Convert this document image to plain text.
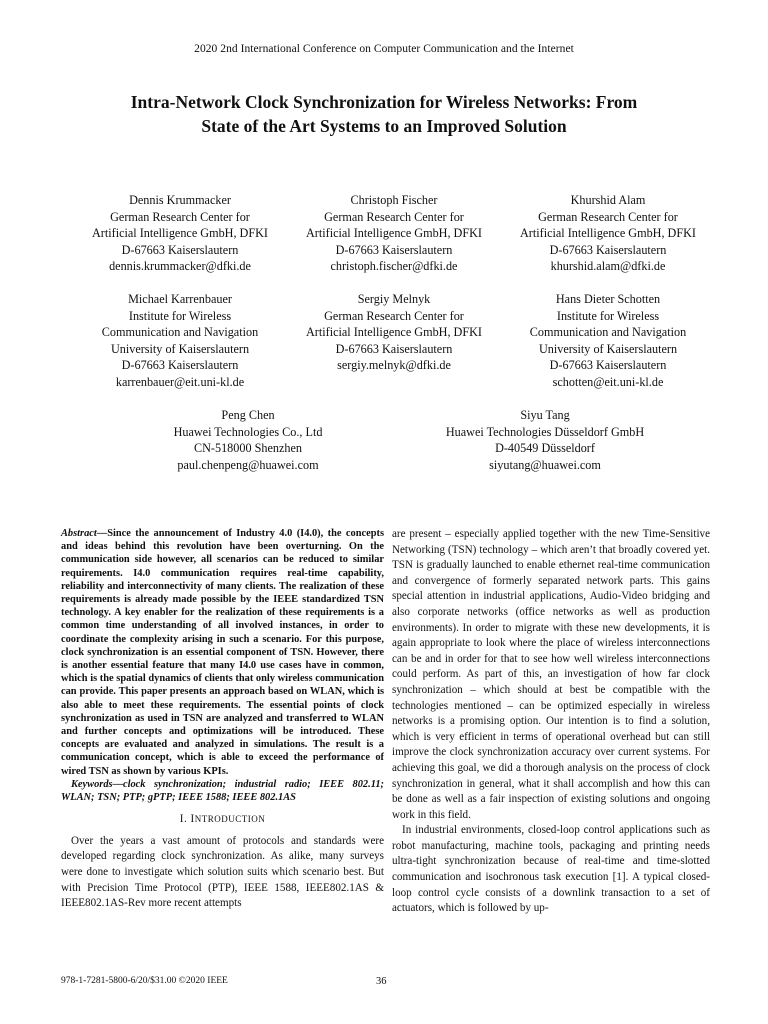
2020 2nd International Conference on Computer Communication and the Internet
Intra-Network Clock Synchronization for Wireless Networks: From
State of the Art Systems to an Improved Solution
Dennis Krummacker
German Research Center for
Artificial Intelligence GmbH, DFKI
D-67663 Kaiserslautern
dennis.krummacker@dfki.de
Christoph Fischer
German Research Center for
Artificial Intelligence GmbH, DFKI
D-67663 Kaiserslautern
christoph.fischer@dfki.de
Khurshid Alam
German Research Center for
Artificial Intelligence GmbH, DFKI
D-67663 Kaiserslautern
khurshid.alam@dfki.de
Michael Karrenbauer
Institute for Wireless
Communication and Navigation
University of Kaiserslautern
D-67663 Kaiserslautern
karrenbauer@eit.uni-kl.de
Sergiy Melnyk
German Research Center for
Artificial Intelligence GmbH, DFKI
D-67663 Kaiserslautern
sergiy.melnyk@dfki.de
Hans Dieter Schotten
Institute for Wireless
Communication and Navigation
University of Kaiserslautern
D-67663 Kaiserslautern
schotten@eit.uni-kl.de
Peng Chen
Huawei Technologies Co., Ltd
CN-518000 Shenzhen
paul.chenpeng@huawei.com
Siyu Tang
Huawei Technologies Düsseldorf GmbH
D-40549 Düsseldorf
siyutang@huawei.com

Abstract—Since the announcement of Industry 4.0 (I4.0), the concepts and ideas behind this revolution have been overturning. On the communication side however, all scenarios can be reduced to similar requirements. I4.0 communication requires real-time capability, reliability and interconnectivity of many clients. The realization of these requirements is already made possible by the IEEE standardized TSN technology. A key enabler for the realization of these requirements is a common time understanding of all involved instances, in order to coordinate the complexity arising in such a scenario. For this purpose, clock synchronization is an essential component of TSN. However, there is another essential feature that many I4.0 use cases have in common, which is the spatial dynamics of clients that only wireless communication can provide. This paper presents an approach based on WLAN, which is also able to meet these requirements. The essential points of clock synchronization as used in TSN are analyzed and transferred to WLAN and further concepts and optimizations will be introduced. These concepts are evaluated and analyzed in simulations. The result is a communication concept, which is able to exceed the performance of wired TSN as shown by various KPIs.

Keywords—clock synchronization; industrial radio; IEEE 802.11; WLAN; TSN; PTP; gPTP; IEEE 1588; IEEE 802.1AS

I. INTRODUCTION

Over the years a vast amount of protocols and standards were developed regarding clock synchronization. As alike, many surveys were done to investigate which solution suits which scenario best. But with Precision Time Protocol (PTP), IEEE 1588, IEEE802.1AS & IEEE802.1AS-Rev more recent attempts

are present – especially applied together with the new Time-Sensitive Networking (TSN) technology – which aren’t that broadly covered yet. TSN is gradually launched to enable ethernet real-time communication and convergence of formerly separated network parts. This gains special attention in industrial applications, Audio-Video bridging and also corporate networks (office networks as well as production environments). In order to migrate with these new developments, it is again appropriate to look where the place of wireless interconnections can be and in order for that to see how well wireless interconnections could perform. As part of this, an investigation of how far clock synchronization – which should at best be compatible with the technologies mentioned – can be optimized especially in wireless networks is a promising option. Our intention is to find a solution, which is very efficient in terms of operational overhead but can still improve the clock synchronization accuracy over current systems. For achieving this goal, we did a thorough analysis on the process of clock synchronization in general, what it shall accomplish and how this can be done as well as a fair inspection of existing solutions and ongoing work in this field.

In industrial environments, closed-loop control applications such as robot manufacturing, machine tools, packaging and printing needs ultra-tight synchronization because of real-time and time-slotted communication and isochronous task execution [1]. A typical closed-loop control cycle consists of a downlink transaction to a set of actuators, which is followed by up-

978-1-7281-5800-6/20/$31.00 ©2020 IEEE	36
